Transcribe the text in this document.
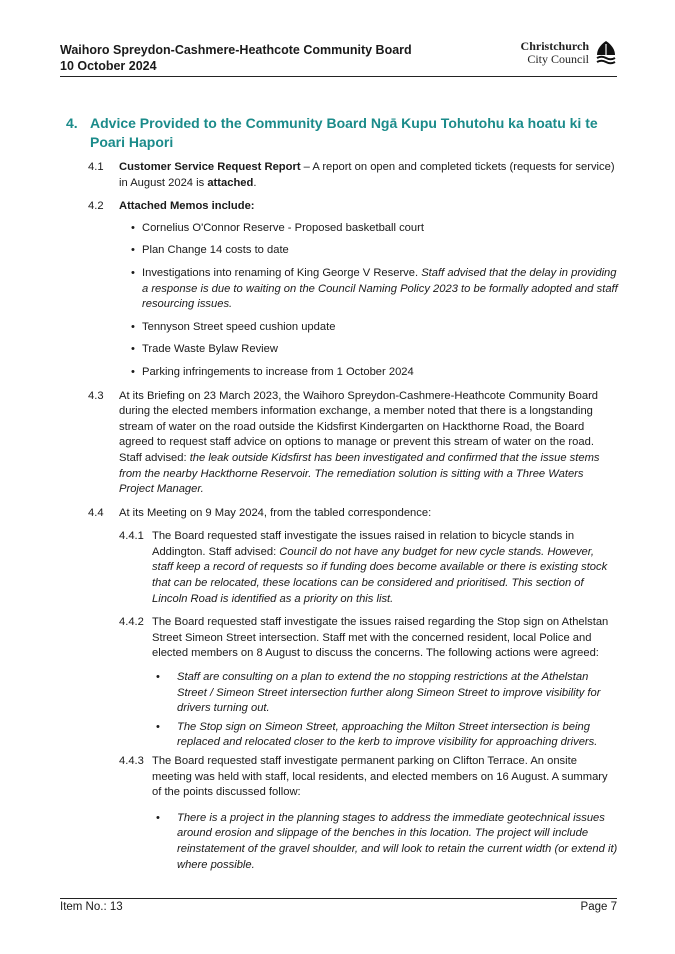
Waihoro Spreydon-Cashmere-Heathcote Community Board
10 October 2024
Christchurch
City Council
4. Advice Provided to the Community Board Ngā Kupu Tohutohu ka hoatu ki te Poari Hapori
4.1	Customer Service Request Report – A report on open and completed tickets (requests for service) in August 2024 is attached.
4.2	Attached Memos include:
• Cornelius O'Connor Reserve - Proposed basketball court
• Plan Change 14 costs to date
• Investigations into renaming of King George V Reserve. Staff advised that the delay in providing a response is due to waiting on the Council Naming Policy 2023 to be formally adopted and staff resourcing issues.
• Tennyson Street speed cushion update
• Trade Waste Bylaw Review
• Parking infringements to increase from 1 October 2024
4.3	At its Briefing on 23 March 2023, the Waihoro Spreydon-Cashmere-Heathcote Community Board during the elected members information exchange, a member noted that there is a longstanding stream of water on the road outside the Kidsfirst Kindergarten on Hackthorne Road, the Board agreed to request staff advice on options to manage or prevent this stream of water on the road. Staff advised: the leak outside Kidsfirst has been investigated and confirmed that the issue stems from the nearby Hackthorne Reservoir. The remediation solution is sitting with a Three Waters Project Manager.
4.4	At its Meeting on 9 May 2024, from the tabled correspondence:
4.4.1 The Board requested staff investigate the issues raised in relation to bicycle stands in Addington. Staff advised: Council do not have any budget for new cycle stands. However, staff keep a record of requests so if funding does become available or there is existing stock that can be relocated, these locations can be considered and prioritised. This section of Lincoln Road is identified as a priority on this list.
4.4.2 The Board requested staff investigate the issues raised regarding the Stop sign on Athelstan Street Simeon Street intersection. Staff met with the concerned resident, local Police and elected members on 8 August to discuss the concerns. The following actions were agreed:
• Staff are consulting on a plan to extend the no stopping restrictions at the Athelstan Street / Simeon Street intersection further along Simeon Street to improve visibility for drivers turning out.
• The Stop sign on Simeon Street, approaching the Milton Street intersection is being replaced and relocated closer to the kerb to improve visibility for approaching drivers.
4.4.3 The Board requested staff investigate permanent parking on Clifton Terrace. An onsite meeting was held with staff, local residents, and elected members on 16 August. A summary of the points discussed follow:
• There is a project in the planning stages to address the immediate geotechnical issues around erosion and slippage of the benches in this location. The project will include reinstatement of the gravel shoulder, and will look to retain the current width (or extend it) where possible.
Item No.: 13	Page 7
